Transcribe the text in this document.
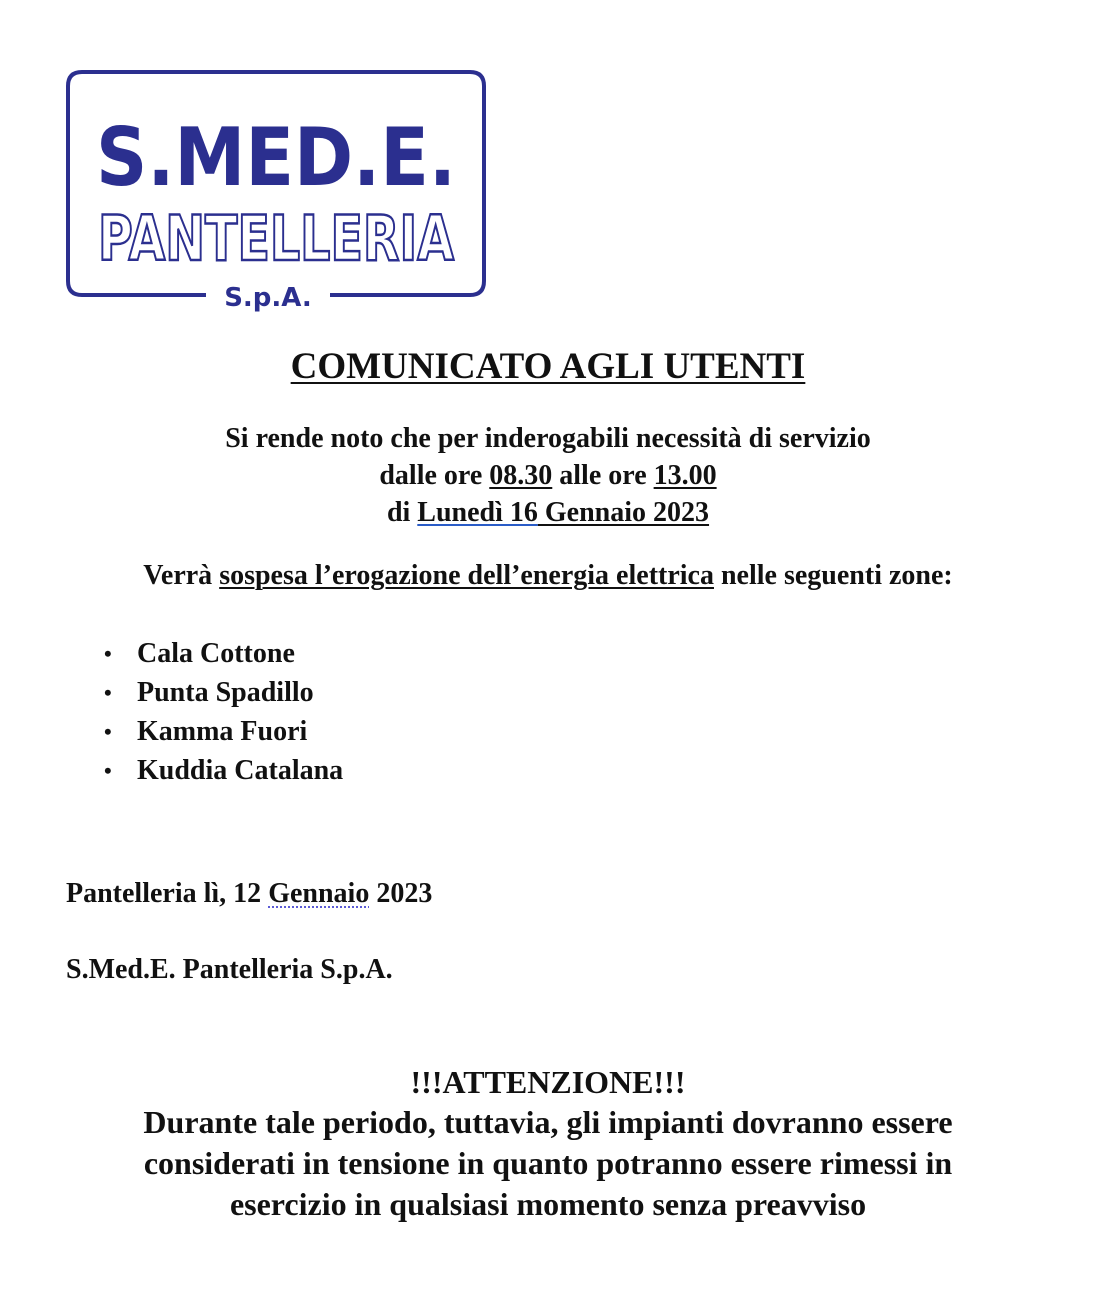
S.MED.E.
PANTELLERIA
S.p.A.
COMUNICATO AGLI UTENTI
Si rende noto che per inderogabili necessità di servizio
dalle ore 08.30 alle ore 13.00
di Lunedì 16 Gennaio 2023
Verrà sospesa l’erogazione dell’energia elettrica nelle seguenti zone:
• Cala Cottone
• Punta Spadillo
• Kamma Fuori
• Kuddia Catalana
Pantelleria lì, 12 Gennaio 2023
S.Med.E. Pantelleria S.p.A.
!!!ATTENZIONE!!!
Durante tale periodo, tuttavia, gli impianti dovranno essere
considerati in tensione in quanto potranno essere rimessi in
esercizio in qualsiasi momento senza preavviso
